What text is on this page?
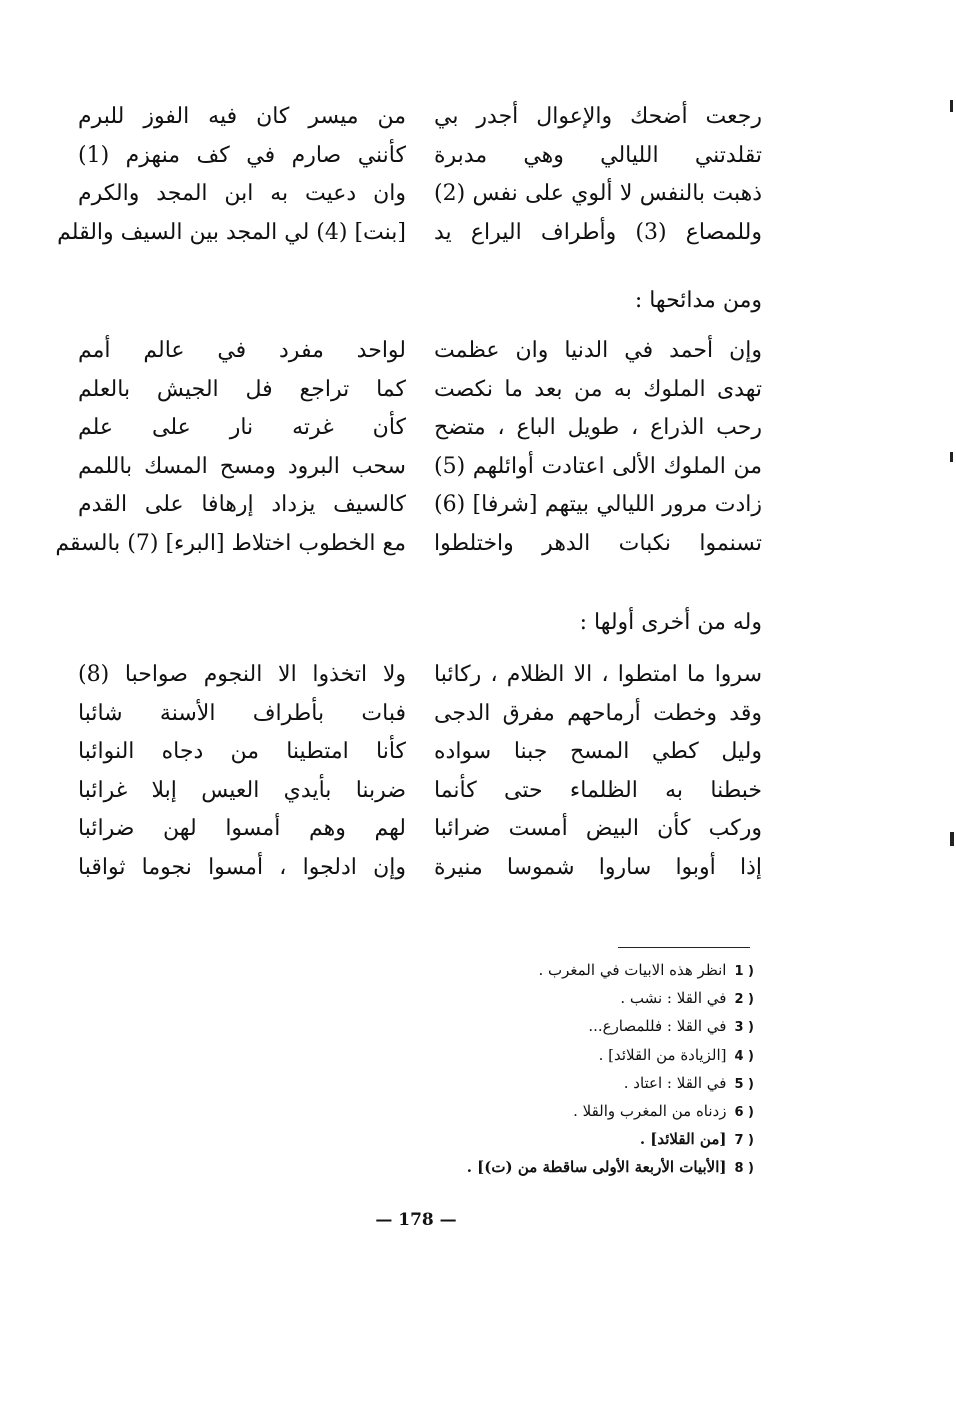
رجعت أضحك والإعوال أجدر بي
من ميسر كان فيه الفوز للبرم
تقلدتني الليالي وهي مدبرة
كأنني صارم في كف منهزم (1)
ذهبت بالنفس لا ألوي على نفس (2)
وان دعيت به ابن المجد والكرم
وللمصاع (3) وأطراف اليراع يد
[بنت] (4) لي المجد بين السيف والقلم
ومن مدائحها :
وإن أحمد في الدنيا وان عظمت
لواحد مفرد في عالم أمم
تهدى الملوك به من بعد ما نكصت
كما تراجع فل الجيش بالعلم
رحب الذراع ، طويل الباع ، متضح
كأن غرته نار على علم
من الملوك الألى اعتادت أوائلهم (5)
سحب البرود ومسح المسك باللمم
زادت مرور الليالي بيتهم [شرفا] (6)
كالسيف يزداد إرهافا على القدم
تسنموا نكبات الدهر واختلطوا
مع الخطوب اختلاط [البرء] (7) بالسقم
وله من أخرى أولها :
سروا ما امتطوا ، الا الظلام ، ركائبا
ولا اتخذوا الا النجوم صواحبا (8)
وقد وخطت أرماحهم مفرق الدجى
فبات بأطراف الأسنة شائبا
وليل كطي المسح جبنا سواده
كأنا امتطينا من دجاه النوائبا
خبطنا به الظلماء حتى كأنما
ضربنا بأيدي العيس إبلا غرائبا
وركب كأن البيض أمست ضرائبا
لهم وهم أمسوا لهن ضرائبا
إذا أوبوا ساروا شموسا منيرة
وإن ادلجوا ، أمسوا نجوما ثواقبا
1 )انظر هذه الابيات في المغرب .
2 )في القلا : نشب .
3 )في القلا : فللمصارع...
4 )[الزيادة من القلائد] .
5 )في القلا : اعتاد .
6 )زدناه من المغرب والقلا .
7 )[من القلائد] .
8 )[الأبيات الأربعة الأولى ساقطة من (ت)] .
— 178 —
